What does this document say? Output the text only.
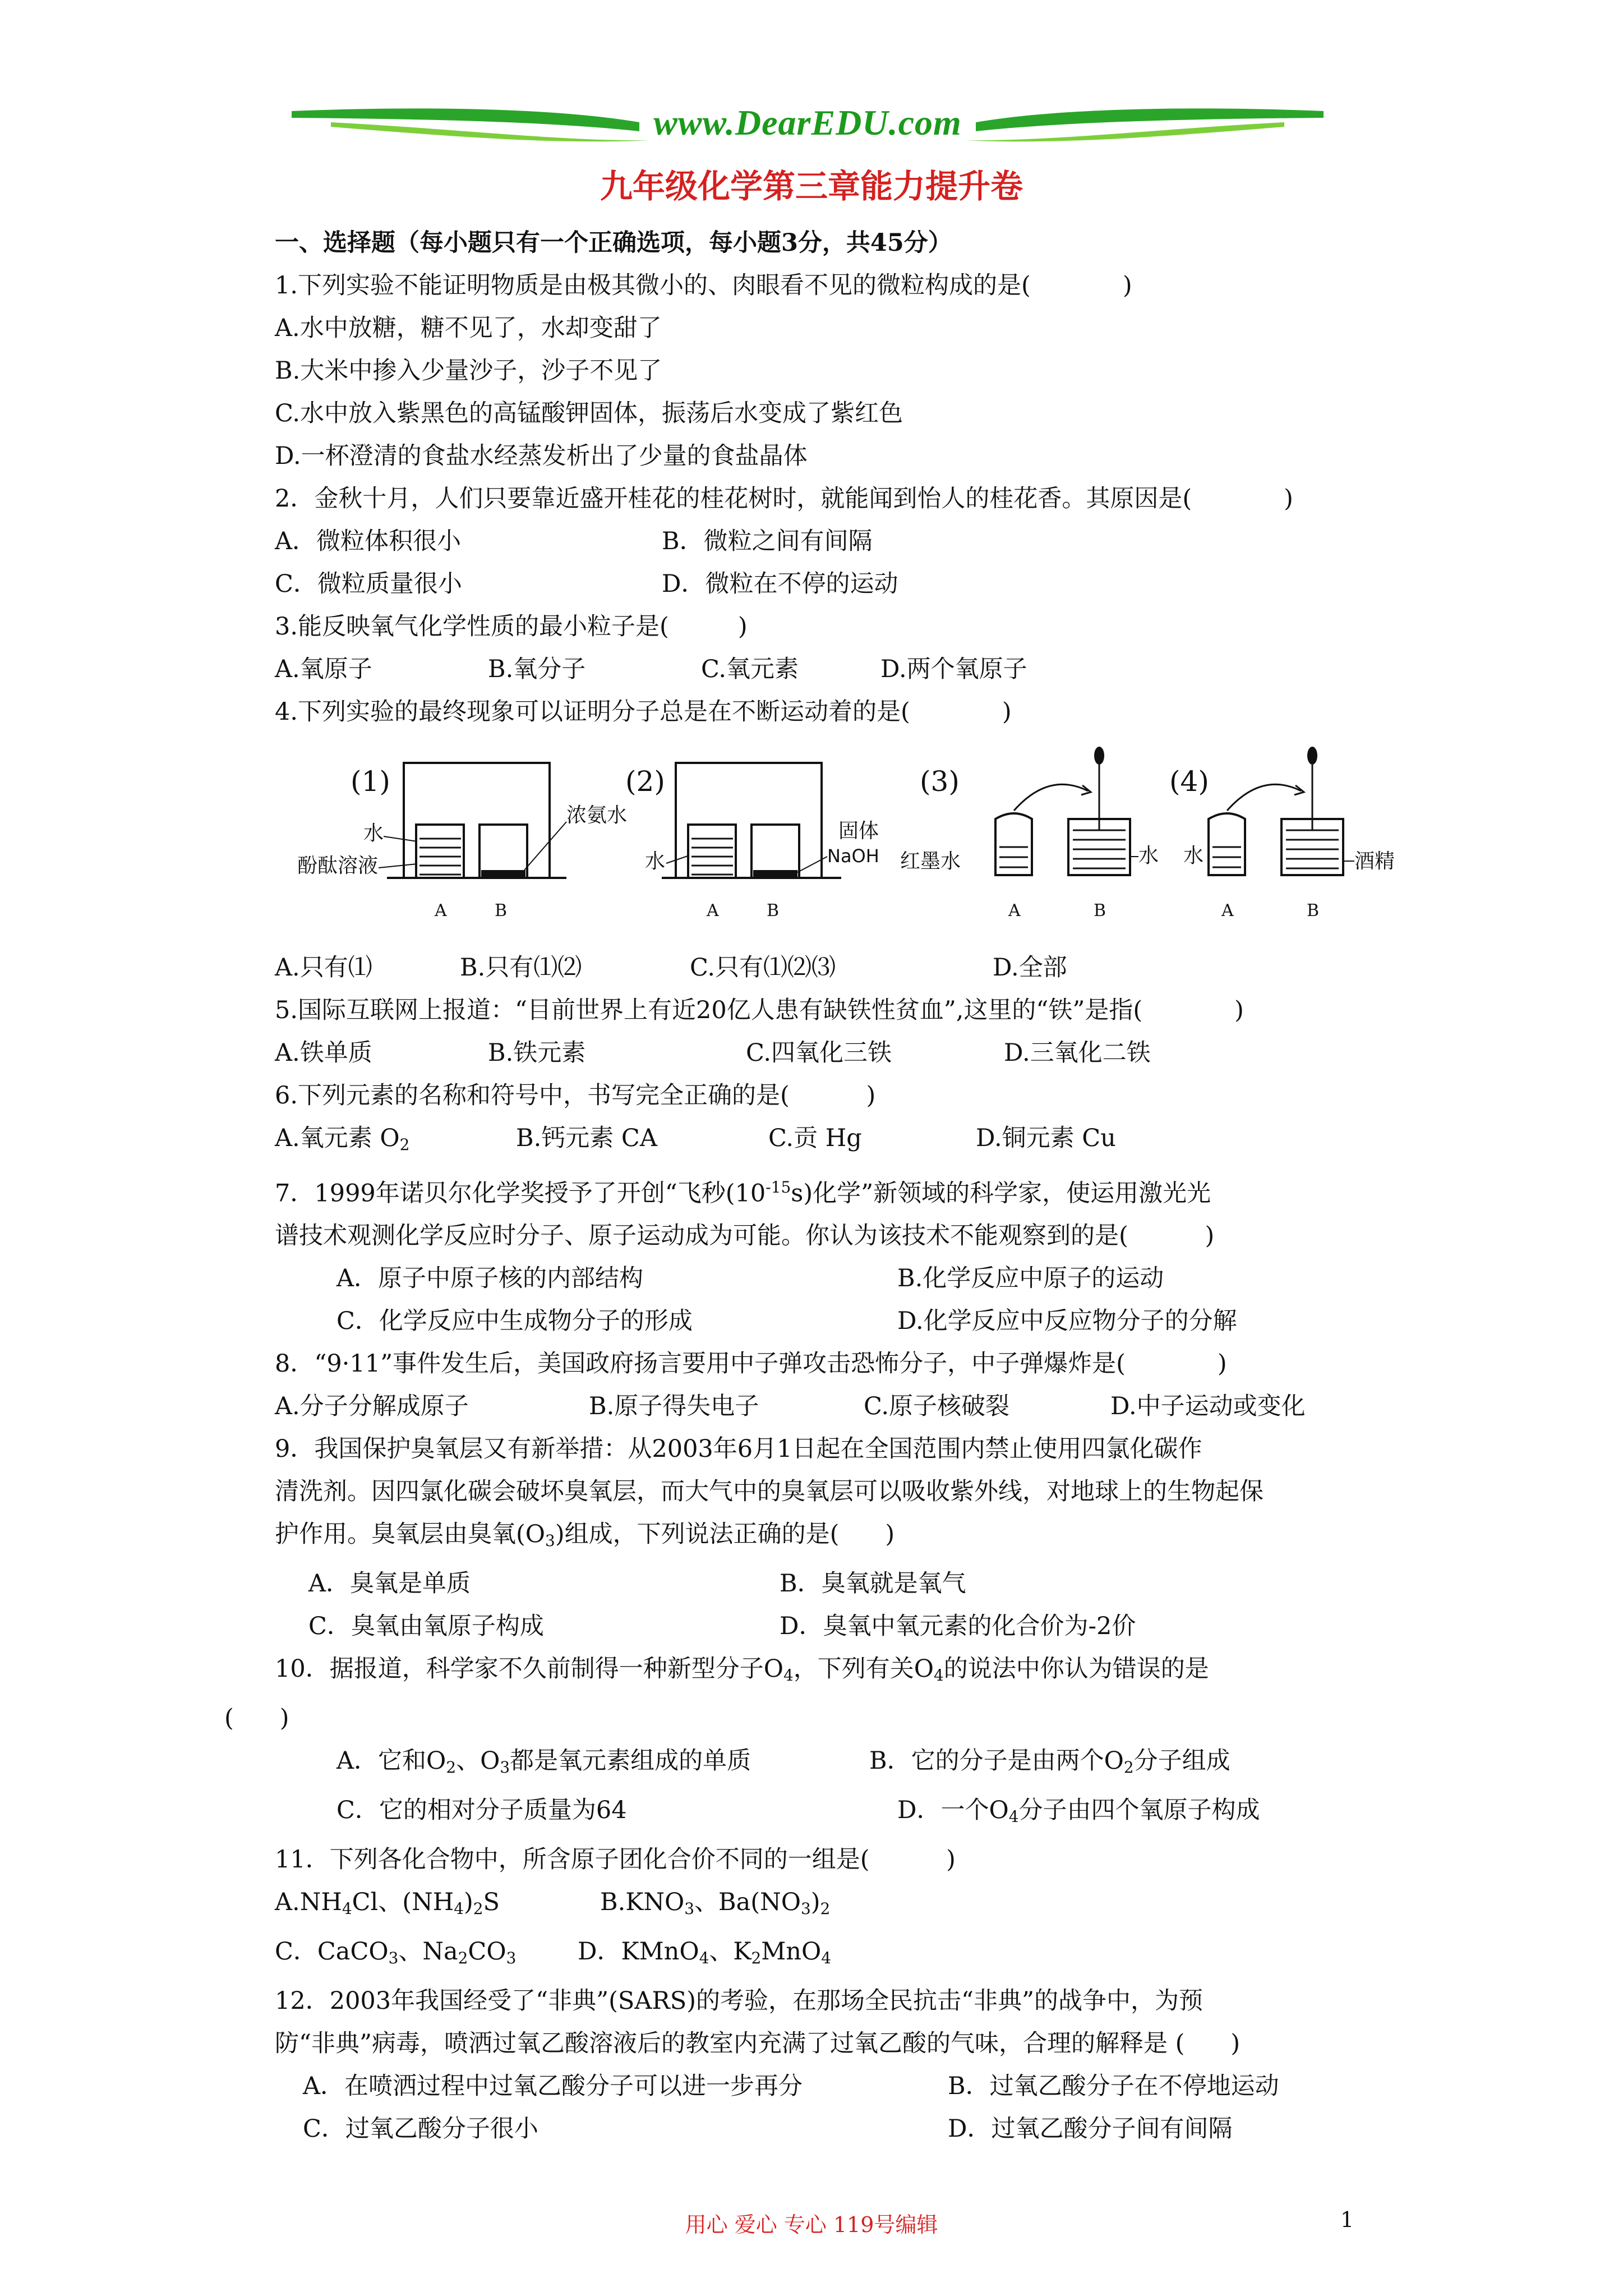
www.DearEDU.com
九年级化学第三章能力提升卷
一、选择题（每小题只有一个正确选项，每小题3分，共45分）
1.下列实验不能证明物质是由极其微小的、肉眼看不见的微粒构成的是(            )
A.水中放糖，糖不见了，水却变甜了
B.大米中掺入少量沙子，沙子不见了
C.水中放入紫黑色的高锰酸钾固体，振荡后水变成了紫红色
D.一杯澄清的食盐水经蒸发析出了少量的食盐晶体
2．金秋十月，人们只要靠近盛开桂花的桂花树时，就能闻到怡人的桂花香。其原因是(            )
A．微粒体积很小	B．微粒之间有间隔
C．微粒质量很小	D．微粒在不停的运动
3.能反映氧气化学性质的最小粒子是(         )
A.氧原子	B.氧分子	C.氧元素	D.两个氧原子
4.下列实验的最终现象可以证明分子总是在不断运动着的是(            )
(1)
水
酚酞溶液
浓氨水
A	B
(2)
水
固体
NaOH
A	B
(3)
红墨水	水
A	B
(4)
水	酒精
A	B
A.只有⑴	B.只有⑴⑵	C.只有⑴⑵⑶	D.全部
5.国际互联网上报道：“目前世界上有近20亿人患有缺铁性贫血”,这里的“铁”是指(            )
A.铁单质	B.铁元素	C.四氧化三铁	D.三氧化二铁
6.下列元素的名称和符号中，书写完全正确的是(          )
A.氧元素 $O_2$	B.钙元素 CA	C.贡 Hg	D.铜元素 Cu
7．1999年诺贝尔化学奖授予了开创“飞秒$(10^{-15}s)$化学”新领域的科学家，使运用激光光
谱技术观测化学反应时分子、原子运动成为可能。你认为该技术不能观察到的是(          )
A．原子中原子核的内部结构	B.化学反应中原子的运动
C．化学反应中生成物分子的形成	D.化学反应中反应物分子的分解
8．“9·11”事件发生后，美国政府扬言要用中子弹攻击恐怖分子，中子弹爆炸是(            )
A.分子分解成原子	B.原子得失电子	C.原子核破裂	D.中子运动或变化
9．我国保护臭氧层又有新举措：从2003年6月1日起在全国范围内禁止使用四氯化碳作
清洗剂。因四氯化碳会破坏臭氧层，而大气中的臭氧层可以吸收紫外线，对地球上的生物起保
护作用。臭氧层由臭氧$(O_3)$组成，下列说法正确的是(      )
A．臭氧是单质	B．臭氧就是氧气
C．臭氧由氧原子构成	D．臭氧中氧元素的化合价为-2价
10．据报道，科学家不久前制得一种新型分子$O_4$，下列有关$O_4$的说法中你认为错误的是
(      )
A．它和$O_2$、$O_3$都是氧元素组成的单质	B．它的分子是由两个$O_2$分子组成
C．它的相对分子质量为64	D．一个$O_4$分子由四个氧原子构成
11．下列各化合物中，所含原子团化合价不同的一组是(          )
$A.NH_4Cl$、$(NH_4)_2S$	$B.KNO_3$、$Ba(NO_3)_2$
C．CaCO$_3$、$Na_2CO_3$	D．KMnO$_4$、$K_2MnO_4$
12．2003年我国经受了“非典”(SARS)的考验，在那场全民抗击“非典”的战争中，为预
防“非典”病毒，喷洒过氧乙酸溶液后的教室内充满了过氧乙酸的气味，合理的解释是 (      )
A．在喷洒过程中过氧乙酸分子可以进一步再分	B．过氧乙酸分子在不停地运动
C．过氧乙酸分子很小	D．过氧乙酸分子间有间隔
用心 爱心 专心 119号编辑	1
